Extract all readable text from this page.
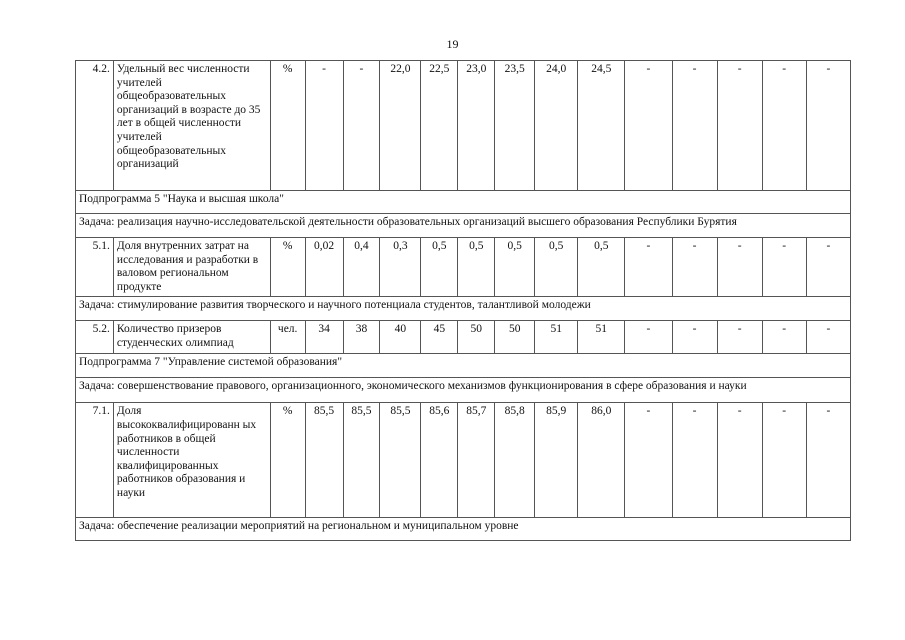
19
4.2.	Удельный вес численности учителей общеобразовательных организаций в возрасте до 35 лет в общей численности учителей общеобразовательных организаций	%	-	-	22,0	22,5	23,0	23,5	24,0	24,5	-	-	-	-	-
Подпрограмма 5 "Наука и высшая школа"															
Задача: реализация научно-исследовательской деятельности образовательных организаций высшего образования Республики Бурятия															
5.1.	Доля внутренних затрат на исследования и разработки в валовом региональном продукте	%	0,02	0,4	0,3	0,5	0,5	0,5	0,5	0,5	-	-	-	-	-
Задача: стимулирование развития творческого и научного потенциала студентов, талантливой молодежи															
5.2.	Количество призеров студенческих олимпиад	чел.	34	38	40	45	50	50	51	51	-	-	-	-	-
Подпрограмма 7 "Управление системой образования"															
Задача: совершенствование правового, организационного, экономического механизмов функционирования в сфере образования и науки															
7.1.	Доля высококвалифицированн ых работников в общей численности квалифицированных работников образования и науки	%	85,5	85,5	85,5	85,6	85,7	85,8	85,9	86,0	-	-	-	-	-
Задача: обеспечение реализации мероприятий на региональном и муниципальном уровне															
